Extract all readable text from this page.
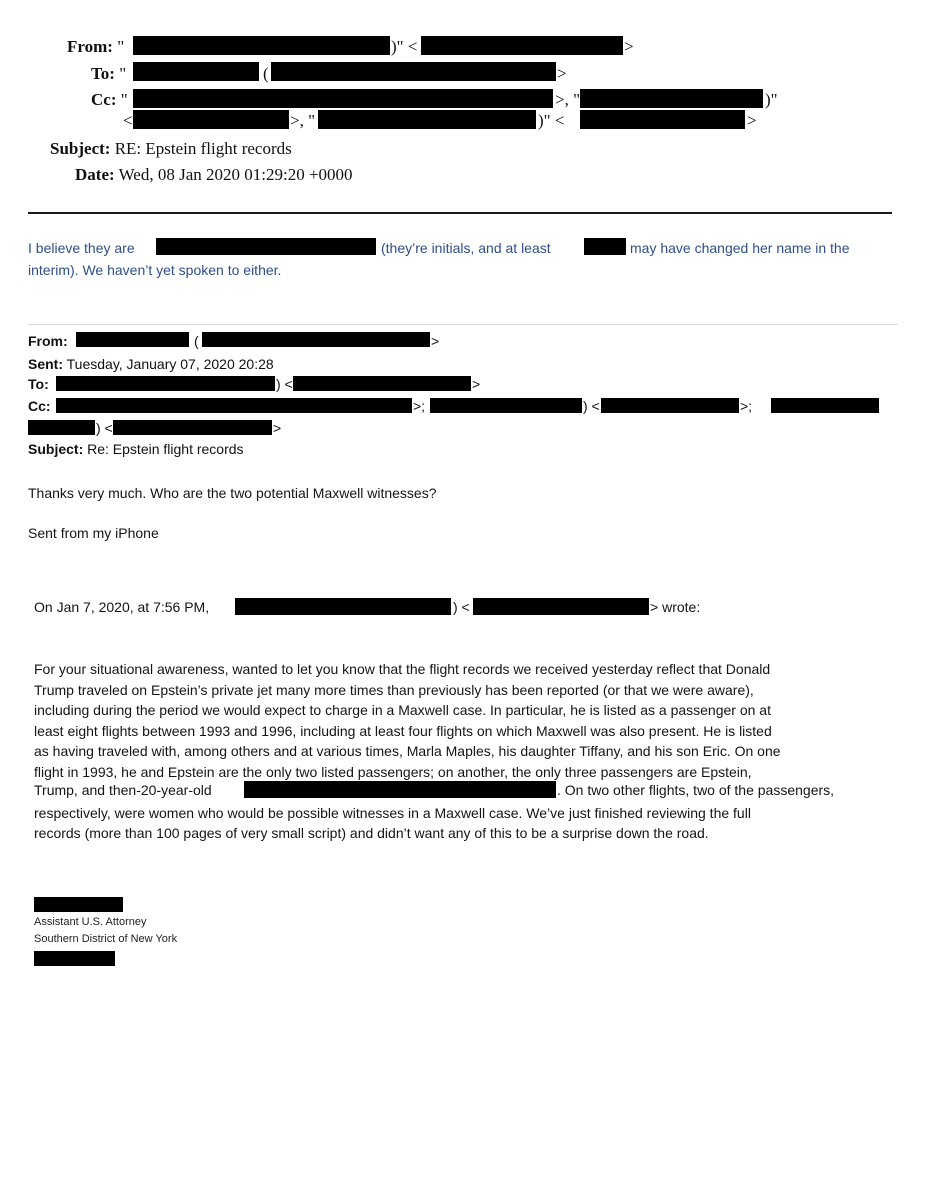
From: "	)" <	>
To: "	(	>
Cc: "	>, "	)"
<	>, "	)" <	>
Subject: RE: Epstein flight records
Date: Wed, 08 Jan 2020 01:29:20 +0000
I believe they are	(they’re initials, and at least	may have changed her name in the
interim). We haven’t yet spoken to either.
From:	(	>
Sent: Tuesday, January 07, 2020 20:28
To:	) <	>
Cc:	>;	) <	>;
) <	>
Subject: Re: Epstein flight records
Thanks very much. Who are the two potential Maxwell witnesses?
Sent from my iPhone
On Jan 7, 2020, at 7:56 PM,	) <	> wrote:
For your situational awareness, wanted to let you know that the flight records we received yesterday reflect that Donald
Trump traveled on Epstein’s private jet many more times than previously has been reported (or that we were aware),
including during the period we would expect to charge in a Maxwell case. In particular, he is listed as a passenger on at
least eight flights between 1993 and 1996, including at least four flights on which Maxwell was also present. He is listed
as having traveled with, among others and at various times, Marla Maples, his daughter Tiffany, and his son Eric. On one
flight in 1993, he and Epstein are the only two listed passengers; on another, the only three passengers are Epstein,
Trump, and then-20-year-old	. On two other flights, two of the passengers,
respectively, were women who would be possible witnesses in a Maxwell case. We’ve just finished reviewing the full
records (more than 100 pages of very small script) and didn’t want any of this to be a surprise down the road.
Assistant U.S. Attorney
Southern District of New York
